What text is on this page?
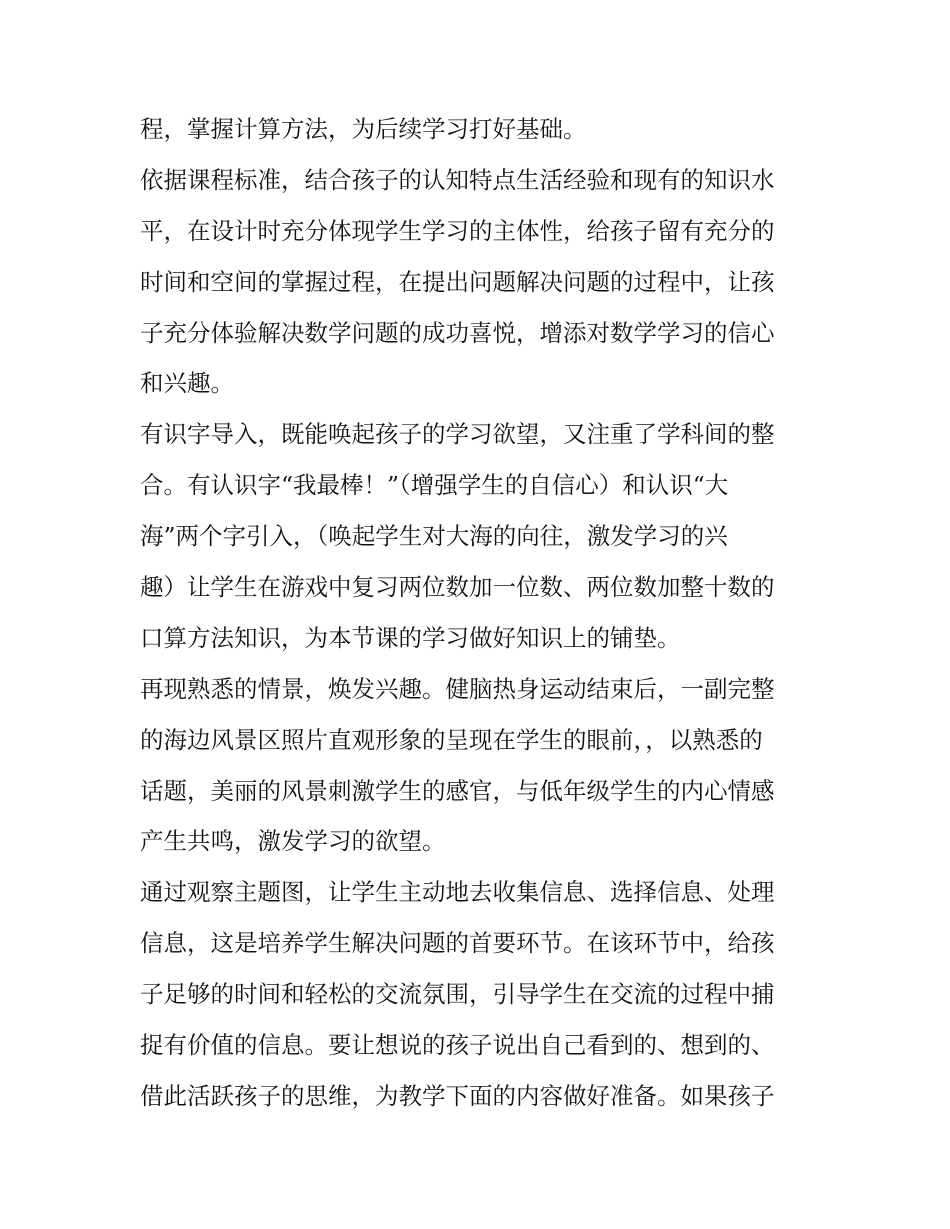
程，掌握计算方法，为后续学习打好基础。
依据课程标准，结合孩子的认知特点生活经验和现有的知识水
平，在设计时充分体现学生学习的主体性，给孩子留有充分的
时间和空间的掌握过程，在提出问题解决问题的过程中，让孩
子充分体验解决数学问题的成功喜悦，增添对数学学习的信心
和兴趣。
有识字导入，既能唤起孩子的学习欲望，又注重了学科间的整
合。有认识字“我最棒！”（增强学生的自信心）和认识“大
海”两个字引入，（唤起学生对大海的向往，激发学习的兴
趣）让学生在游戏中复习两位数加一位数、两位数加整十数的
口算方法知识，为本节课的学习做好知识上的铺垫。
再现熟悉的情景，焕发兴趣。健脑热身运动结束后，一副完整
的海边风景区照片直观形象的呈现在学生的眼前，，以熟悉的
话题，美丽的风景刺激学生的感官，与低年级学生的内心情感
产生共鸣，激发学习的欲望。
通过观察主题图，让学生主动地去收集信息、选择信息、处理
信息，这是培养学生解决问题的首要环节。在该环节中，给孩
子足够的时间和轻松的交流氛围，引导学生在交流的过程中捕
捉有价值的信息。要让想说的孩子说出自己看到的、想到的、
借此活跃孩子的思维，为教学下面的内容做好准备。如果孩子
